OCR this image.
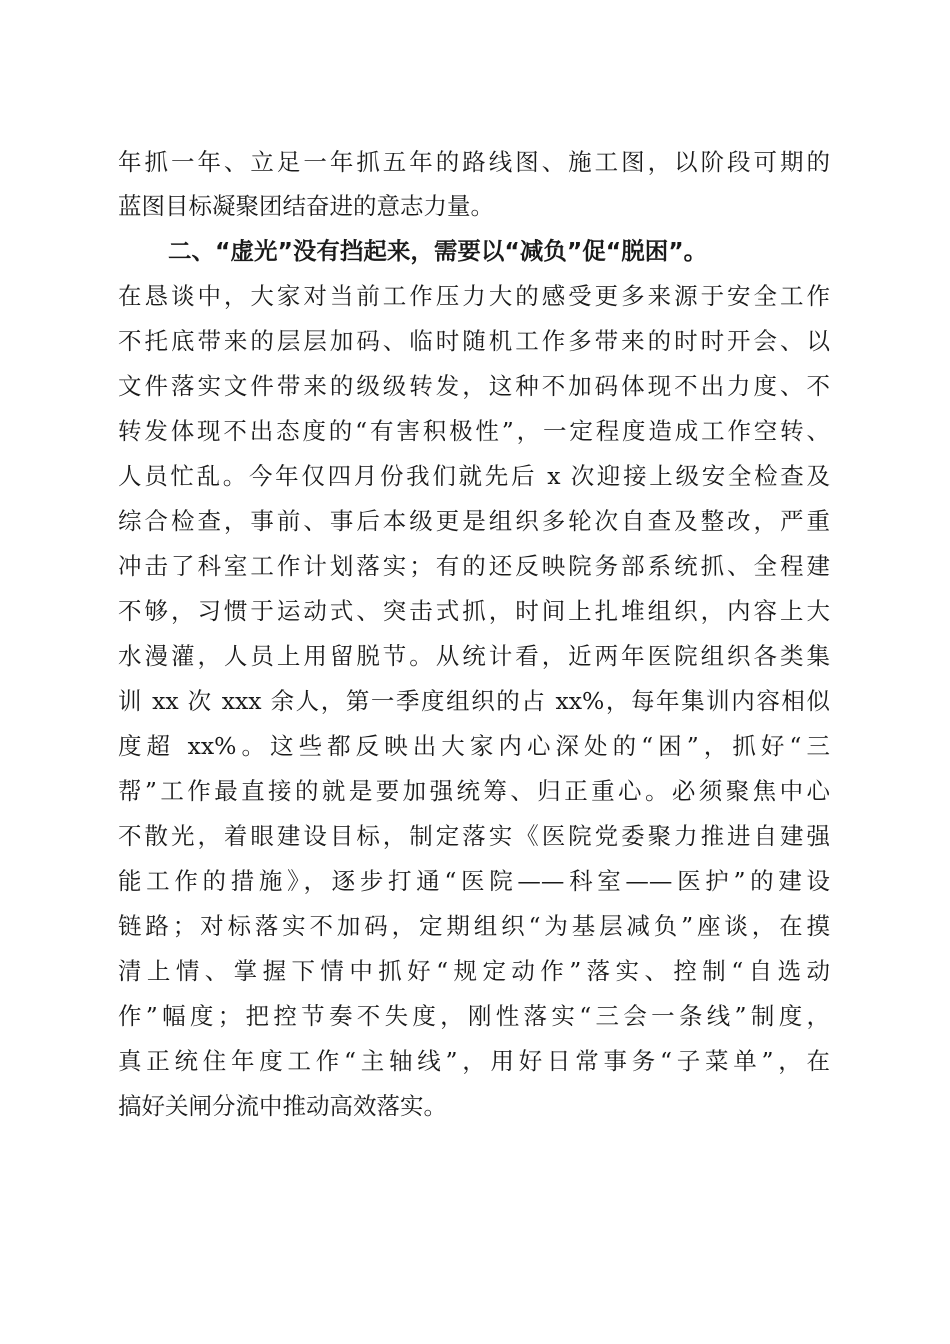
年抓一年、立足一年抓五年的路线图、施工图，以阶段可期的
蓝图目标凝聚团结奋进的意志力量。
二、“虚光”没有挡起来，需要以“减负”促“脱困”。
在恳谈中，大家对当前工作压力大的感受更多来源于安全工作
不托底带来的层层加码、临时随机工作多带来的时时开会、以
文件落实文件带来的级级转发，这种不加码体现不出力度、不
转发体现不出态度的“有害积极性”，一定程度造成工作空转、
人员忙乱。今年仅四月份我们就先后 x 次迎接上级安全检查及
综合检查，事前、事后本级更是组织多轮次自查及整改，严重
冲击了科室工作计划落实；有的还反映院务部系统抓、全程建
不够，习惯于运动式、突击式抓，时间上扎堆组织，内容上大
水漫灌，人员上用留脱节。从统计看，近两年医院组织各类集
训 xx 次 xxx 余人，第一季度组织的占 xx%，每年集训内容相似
度超 xx%。这些都反映出大家内心深处的“困”，抓好“三
帮”工作最直接的就是要加强统筹、归正重心。必须聚焦中心
不散光，着眼建设目标，制定落实《医院党委聚力推进自建强
能工作的措施》，逐步打通“医院——科室——医护”的建设
链路；对标落实不加码，定期组织“为基层减负”座谈，在摸
清上情、掌握下情中抓好“规定动作”落实、控制“自选动
作”幅度；把控节奏不失度，刚性落实“三会一条线”制度，
真正统住年度工作“主轴线”，用好日常事务“子菜单”，在
搞好关闸分流中推动高效落实。
